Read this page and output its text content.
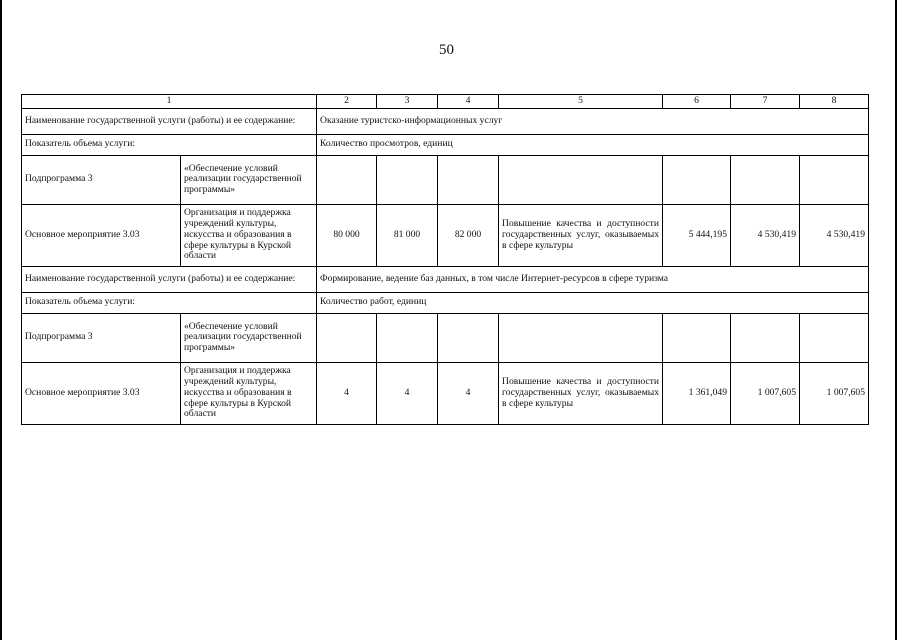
50
1		2	3	4	5	6	7	8
Наименование государственной услуги (работы) и ее содержание:		Оказание туристско-информационных услуг						
Показатель объема услуги:		Количество просмотров, единиц						
Подпрограмма 3	«Обеспечение условий реализации государственной программы»							
Основное мероприятие 3.03	Организация и поддержка учреждений культуры, искусства и образования в сфере культуры в Курской области	80 000	81 000	82 000	Повышение качества и доступности государственных услуг, оказываемых в сфере культуры	5 444,195	4 530,419	4 530,419
Наименование государственной услуги (работы) и ее содержание:		Формирование, ведение баз данных, в том числе Интернет-ресурсов в сфере туризма						
Показатель объема услуги:		Количество работ, единиц						
Подпрограмма 3	«Обеспечение условий реализации государственной программы»							
Основное мероприятие 3.03	Организация и поддержка учреждений культуры, искусства и образования в сфере культуры в Курской области	4	4	4	Повышение качества и доступности государственных услуг, оказываемых в сфере культуры	1 361,049	1 007,605	1 007,605
